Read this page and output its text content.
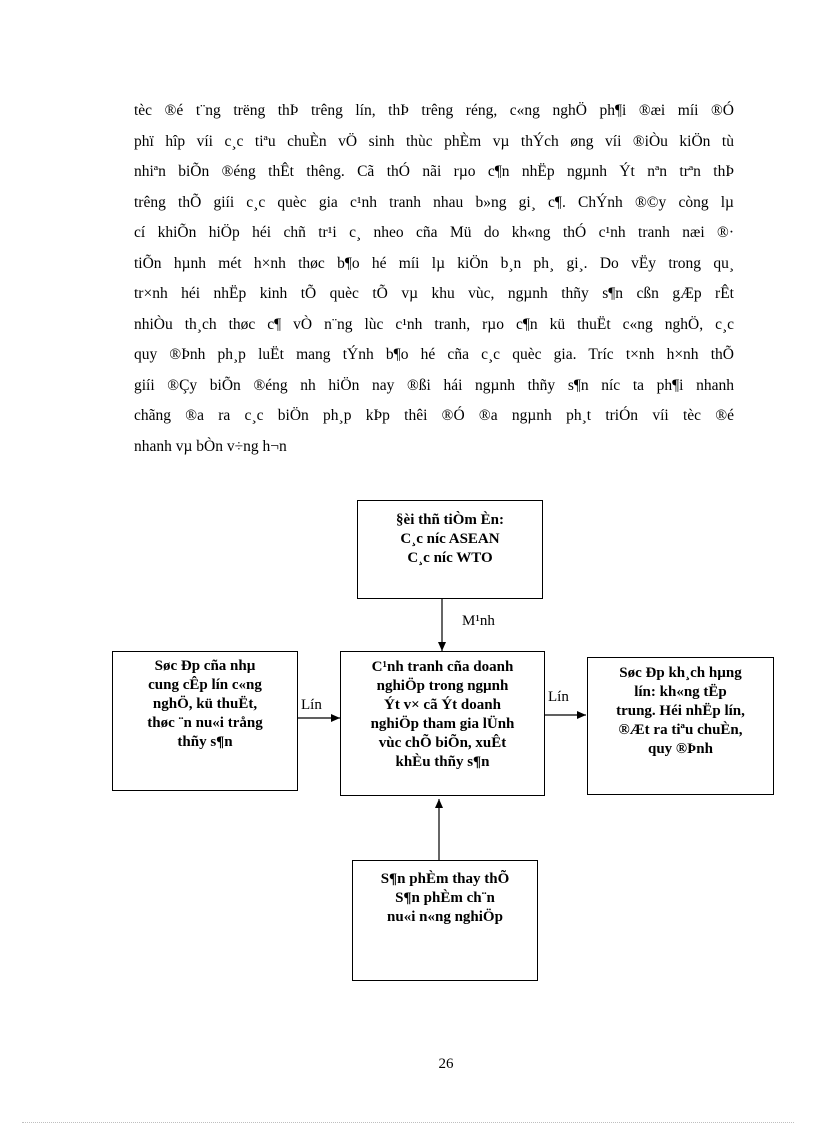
tèc ®é t¨ng trëng thÞ trêng lín, thÞ trêng réng, c«ng nghÖ ph¶i ®æi míi ®Ó
phï hîp víi c¸c tiªu chuÈn vÖ sinh thùc phÈm vµ thÝch øng víi ®iÒu kiÖn tù
nhiªn biÕn ®éng thÊt thêng. Cã thÓ nãi rµo c¶n nhËp ngµnh Ýt nªn trªn thÞ
trêng thÕ giíi c¸c quèc gia c¹nh tranh nhau b»ng gi¸ c¶. ChÝnh ®©y còng lµ
cí khiÕn hiÖp héi chñ tr¹i c¸ nheo cña Mü do kh«ng thÓ c¹nh tranh næi ®·
tiÕn hµnh mét h×nh thøc b¶o hé míi lµ kiÖn b¸n ph¸ gi¸. Do vËy trong qu¸
tr×nh héi nhËp kinh tÕ quèc tÕ vµ khu vùc, ngµnh thñy s¶n cßn gÆp rÊt
nhiÒu th¸ch thøc c¶ vÒ n¨ng lùc c¹nh tranh, rµo c¶n kü thuËt c«ng nghÖ, c¸c
quy ®Þnh ph¸p luËt mang tÝnh b¶o hé cña c¸c quèc gia. Tríc t×nh h×nh thÕ
giíi ®Çy biÕn ®éng nh hiÖn nay ®ßi hái ngµnh thñy s¶n níc ta ph¶i nhanh
chãng ®a ra c¸c biÖn ph¸p kÞp thêi ®Ó ®a ngµnh ph¸t triÓn víi tèc ®é
nhanh vµ bÒn v÷ng h¬n
§èi thñ tiÒm Èn:
C¸c níc ASEAN
C¸c níc WTO
M¹nh
Søc Ðp cña nhµ
cung cÊp lín c«ng
nghÖ, kü thuËt,
thøc ¨n nu«i trång
thñy s¶n
Lín
C¹nh tranh cña doanh
nghiÖp trong ngµnh
Ýt v× cã Ýt doanh
nghiÖp tham gia lÜnh
vùc chÕ biÕn, xuÊt
khÈu thñy s¶n
Lín
Søc Ðp kh¸ch hµng
lín: kh«ng tËp
trung. Héi nhËp lín,
®Æt ra tiªu chuÈn,
quy ®Þnh
S¶n phÈm thay thÕ
S¶n phÈm ch¨n
nu«i n«ng nghiÖp
26
